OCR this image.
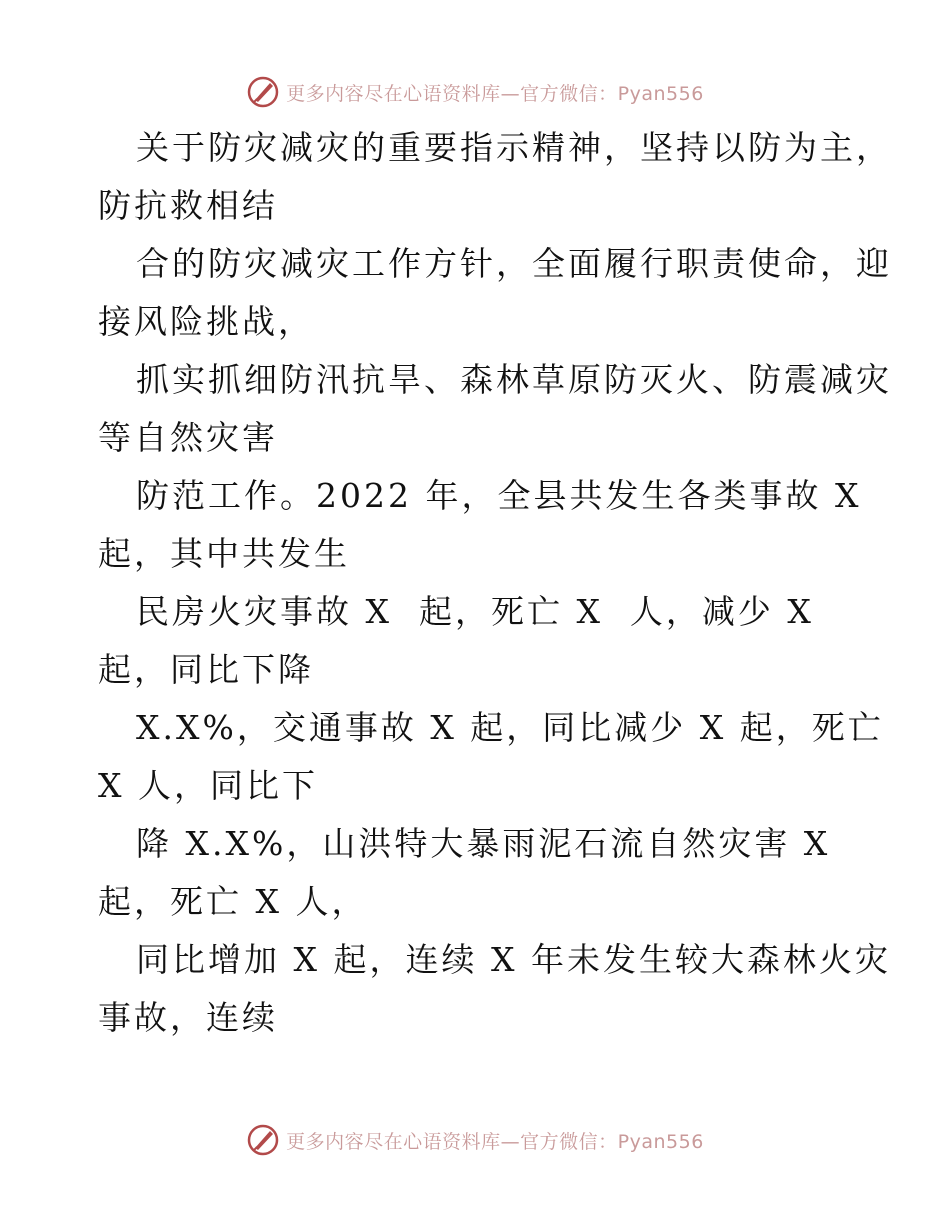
更多内容尽在心语资料库—官方微信：Pyan556
关于防灾减灾的重要指示精神，坚持以防为主，
防抗救相结
合的防灾减灾工作方针，全面履行职责使命，迎
接风险挑战，
抓实抓细防汛抗旱、森林草原防灭火、防震减灾
等自然灾害
防范工作。2022 年，全县共发生各类事故 X
起，其中共发生
民房火灾事故 X  起，死亡 X  人，减少 X
起，同比下降
X.X%，交通事故 X 起，同比减少 X 起，死亡
X 人，同比下
降 X.X%，山洪特大暴雨泥石流自然灾害 X
起，死亡 X 人，
同比增加 X 起，连续 X 年未发生较大森林火灾
事故，连续
更多内容尽在心语资料库—官方微信：Pyan556
